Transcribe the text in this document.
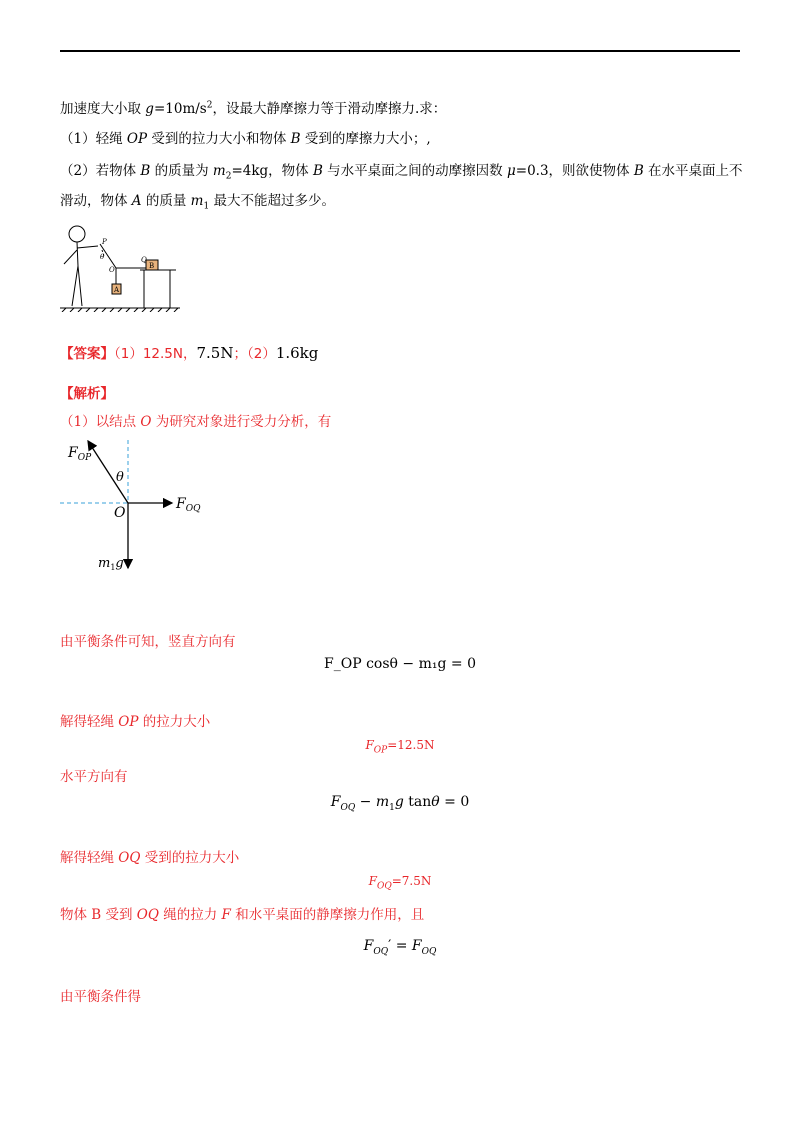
加速度大小取 $g=10m/s^2$，设最大静摩擦力等于滑动摩擦力.求：
（1）轻绳 OP 受到的拉力大小和物体 B 受到的摩擦力大小；,
（2）若物体 B 的质量为 $m_2=4kg$，物体 B 与水平桌面之间的动摩擦因数 μ=0.3，则欲使物体 B 在水平桌面上不
滑动，物体 A 的质量 $m_1$ 最大不能超过多少。
P
θ
O
Q
A
B
【答案】（1）12.5N，7.5N；（2）1.6kg
【解析】
（1）以结点 O 为研究对象进行受力分析，有
$F_{OP}$
θ
O
$F_{OQ}$
$m_1g$
由平衡条件可知，竖直方向有
F_OP cosθ − m₁g = 0
解得轻绳 OP 的拉力大小
$F_{OP}=12.5N$
水平方向有
$F_{OQ} - m_1g$ tanθ = 0
解得轻绳 OQ 受到的拉力大小
$F_{OQ}=7.5N$
物体 B 受到 OQ 绳的拉力 F 和水平桌面的静摩擦力作用，且
$F_{OQ}' = F_{OQ}$
由平衡条件得
